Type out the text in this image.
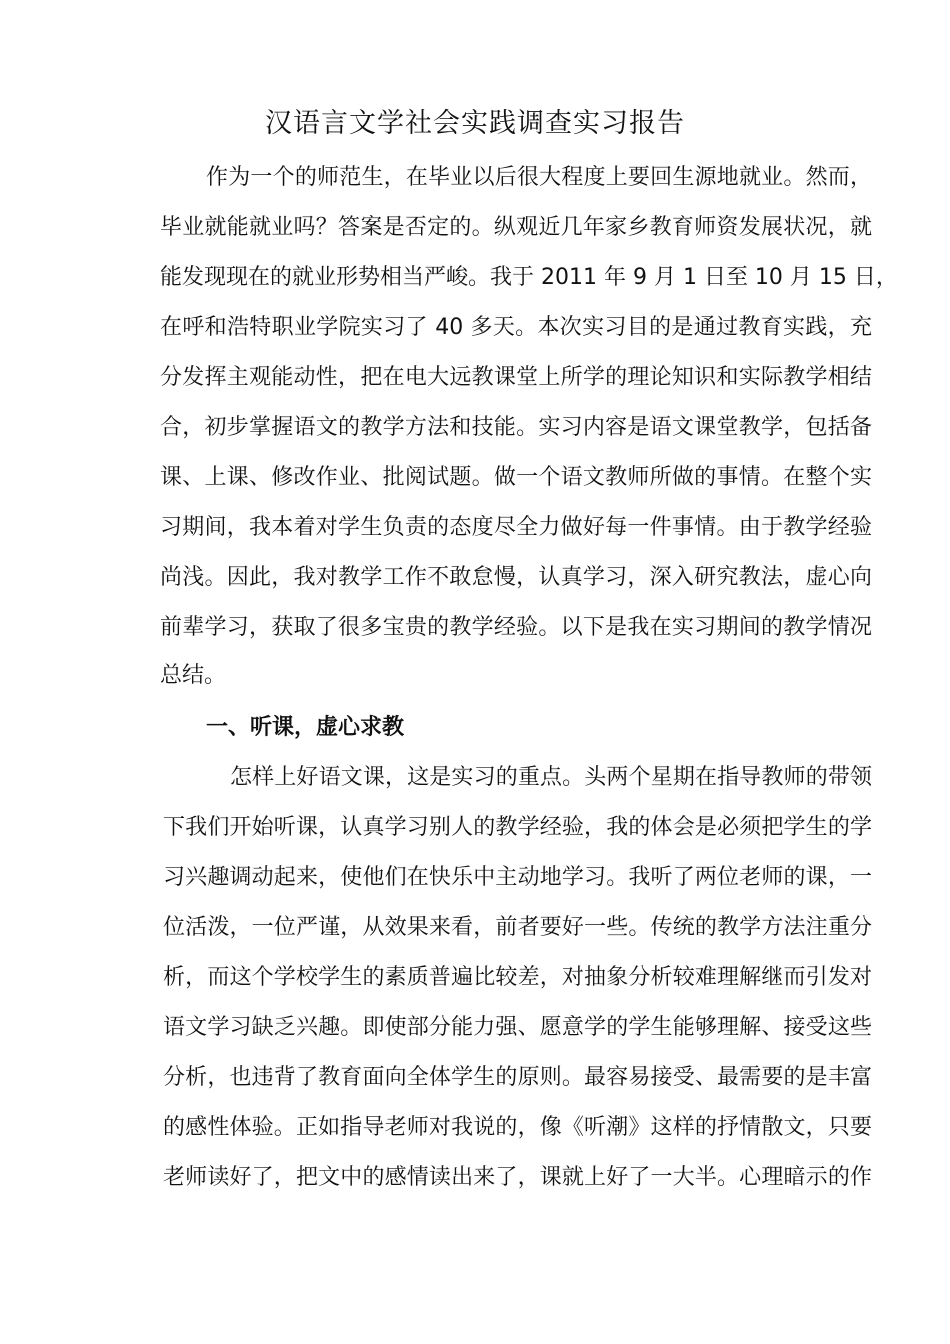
汉语言文学社会实践调查实习报告

作为一个的师范生，在毕业以后很大程度上要回生源地就业。然而，

毕业就能就业吗？答案是否定的。纵观近几年家乡教育师资发展状况，就

能发现现在的就业形势相当严峻。我于 2011 年 9 月 1 日至 10 月 15 日，

在呼和浩特职业学院实习了 40 多天。本次实习目的是通过教育实践，充

分发挥主观能动性，把在电大远教课堂上所学的理论知识和实际教学相结

合，初步掌握语文的教学方法和技能。实习内容是语文课堂教学，包括备

课、上课、修改作业、批阅试题。做一个语文教师所做的事情。在整个实

习期间，我本着对学生负责的态度尽全力做好每一件事情。由于教学经验

尚浅。因此，我对教学工作不敢怠慢，认真学习，深入研究教法，虚心向

前辈学习，获取了很多宝贵的教学经验。以下是我在实习期间的教学情况

总结。

一、听课，虚心求教

怎样上好语文课，这是实习的重点。头两个星期在指导教师的带领

下我们开始听课，认真学习别人的教学经验，我的体会是必须把学生的学

习兴趣调动起来，使他们在快乐中主动地学习。我听了两位老师的课，一

位活泼，一位严谨，从效果来看，前者要好一些。传统的教学方法注重分

析，而这个学校学生的素质普遍比较差，对抽象分析较难理解继而引发对

语文学习缺乏兴趣。即使部分能力强、愿意学的学生能够理解、接受这些

分析，也违背了教育面向全体学生的原则。最容易接受、最需要的是丰富

的感性体验。正如指导老师对我说的，像《听潮》这样的抒情散文，只要

老师读好了，把文中的感情读出来了，课就上好了一大半。心理暗示的作
